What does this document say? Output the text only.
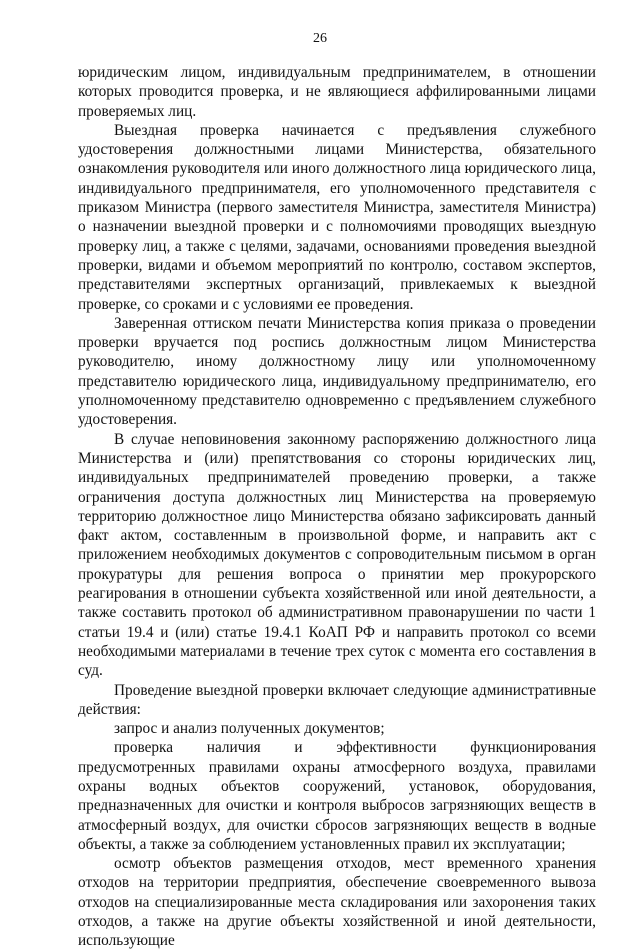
26

юридическим лицом, индивидуальным предпринимателем, в отношении которых проводится проверка, и не являющиеся аффилированными лицами проверяемых лиц.

Выездная проверка начинается с предъявления служебного удостоверения должностными лицами Министерства, обязательного ознакомления руководителя или иного должностного лица юридического лица, индивидуального предпринимателя, его уполномоченного представителя с приказом Министра (первого заместителя Министра, заместителя Министра) о назначении выездной проверки и с полномочиями проводящих выездную проверку лиц, а также с целями, задачами, основаниями проведения выездной проверки, видами и объемом мероприятий по контролю, составом экспертов, представителями экспертных организаций, привлекаемых к выездной проверке, со сроками и с условиями ее проведения.

Заверенная оттиском печати Министерства копия приказа о проведении проверки вручается под роспись должностным лицом Министерства руководителю, иному должностному лицу или уполномоченному представителю юридического лица, индивидуальному предпринимателю, его уполномоченному представителю одновременно с предъявлением служебного удостоверения.

В случае неповиновения законному распоряжению должностного лица Министерства и (или) препятствования со стороны юридических лиц, индивидуальных предпринимателей проведению проверки, а также ограничения доступа должностных лиц Министерства на проверяемую территорию должностное лицо Министерства обязано зафиксировать данный факт актом, составленным в произвольной форме, и направить акт с приложением необходимых документов с сопроводительным письмом в орган прокуратуры для решения вопроса о принятии мер прокурорского реагирования в отношении субъекта хозяйственной или иной деятельности, а также составить протокол об административном правонарушении по части 1 статьи 19.4 и (или) статье 19.4.1 КоАП РФ и направить протокол со всеми необходимыми материалами в течение трех суток с момента его составления в суд.

Проведение выездной проверки включает следующие административные действия:

запрос и анализ полученных документов;

проверка наличия и эффективности функционирования предусмотренных правилами охраны атмосферного воздуха, правилами охраны водных объектов сооружений, установок, оборудования, предназначенных для очистки и контроля выбросов загрязняющих веществ в атмосферный воздух, для очистки сбросов загрязняющих веществ в водные объекты, а также за соблюдением установленных правил их эксплуатации;

осмотр объектов размещения отходов, мест временного хранения отходов на территории предприятия, обеспечение своевременного вывоза отходов на специализированные места складирования или захоронения таких отходов, а также на другие объекты хозяйственной и иной деятельности, использующие
